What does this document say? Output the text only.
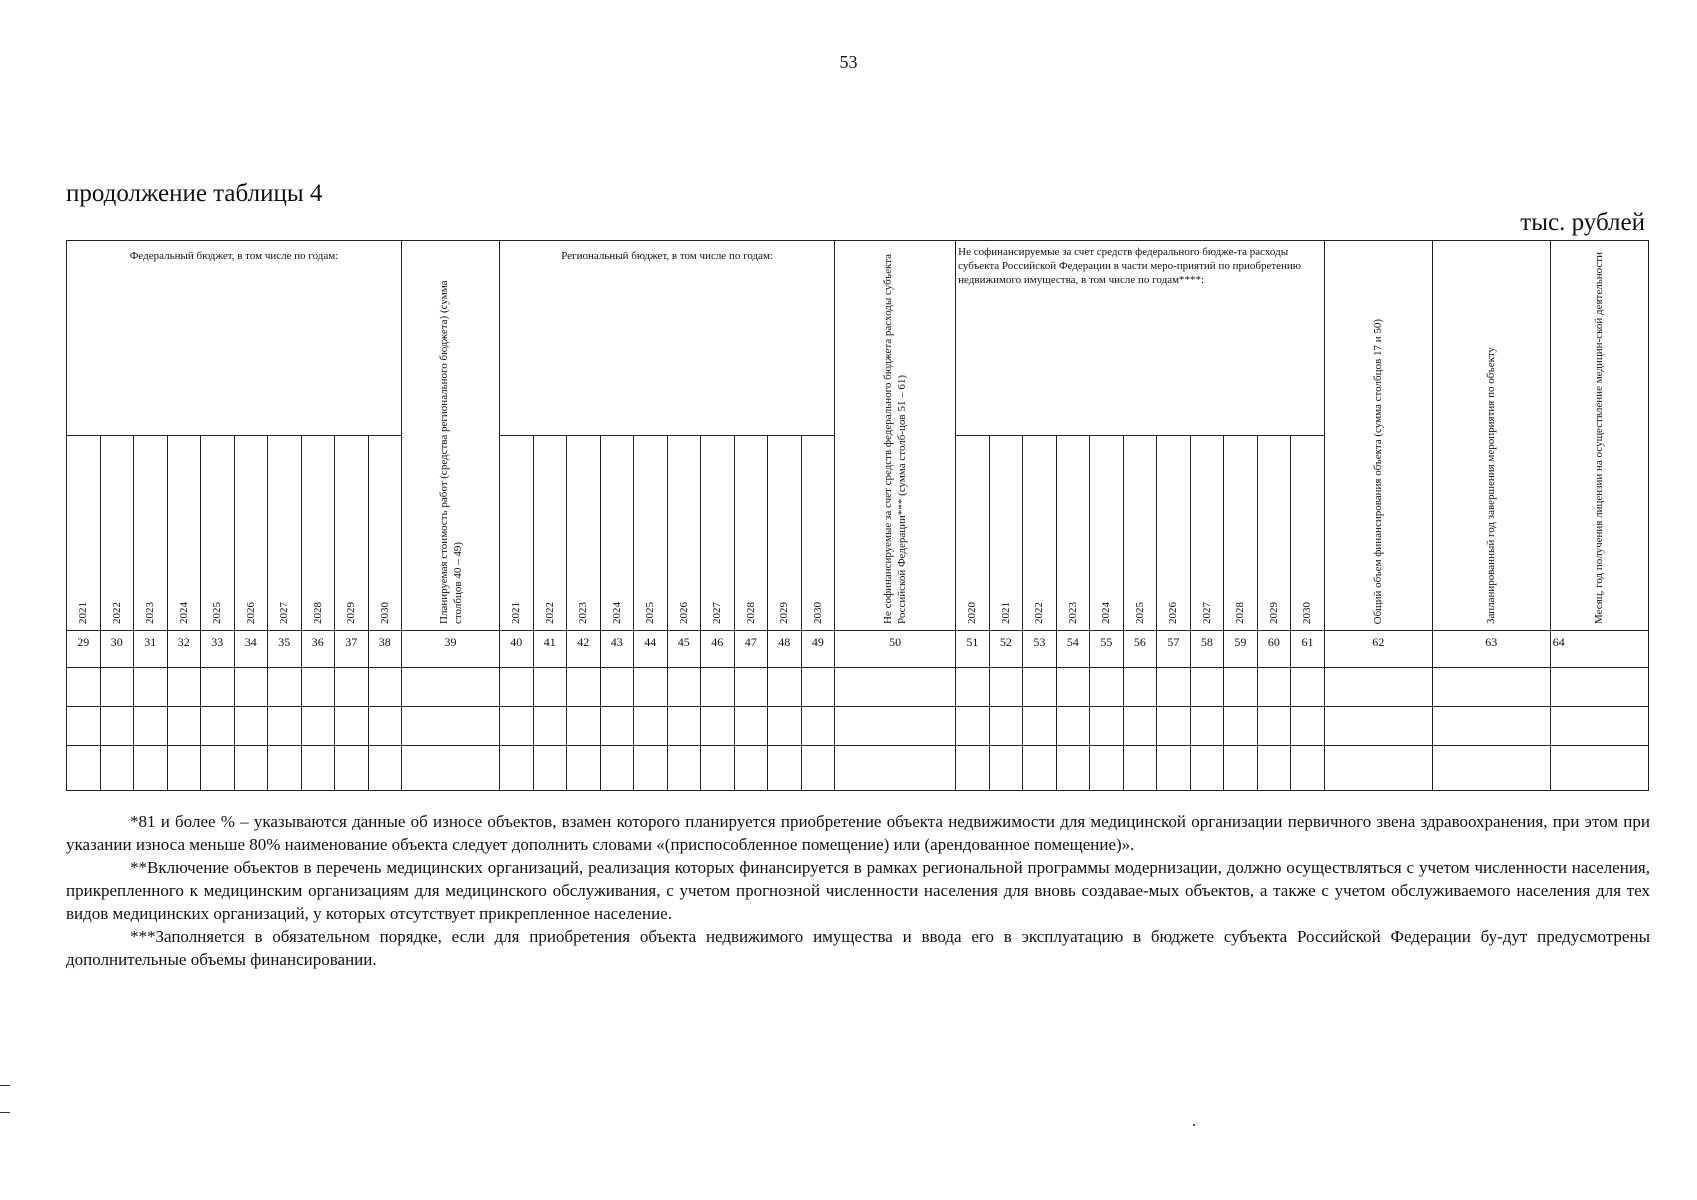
53
продолжение таблицы 4
тыс. рублей
Федеральный бюджет, в том числе по годам:										Планируемая стоимость работ (средства регионального бюджета) (сумма столбцов 40 – 49)	Региональный бюджет, в том числе по годам:										Не софинансируемые за счет средств федерального бюджета расходы субъекта Российской Федерации*** (сумма столб-цов 51 – 61)	Не софинансируемые за счет средств федерального бюдже-та расходы субъекта Российской Федерации в части меро-приятий по приобретению недвижимого имущества, в том числе по годам****:											Общий объем финансирования объекта (сумма столбцов 17 и 50)	Запланированный год завершения мероприятия по объекту	Месяц, год получения лицензии на осуществление медицин-ской деятельности

2021	2022	2023	2024	2025	2026	2027	2028	2029	2030		2021	2022	2023	2024	2025	2026	2027	2028	2029	2030		2020	2021	2022	2023	2024	2025	2026	2027	2028	2029	2030			

29	30	31	32	33	34	35	36	37	38	39	40	41	42	43	44	45	46	47	48	49	50	51	52	53	54	55	56	57	58	59	60	61	62	63	64

*81 и более % – указываются данные об износе объектов, взамен которого планируется приобретение объекта недвижимости для медицинской организации первичного звена здравоохранения, при этом при указании износа меньше 80% наименование объекта следует дополнить словами «(приспособленное помещение) или (арендованное помещение)».

**Включение объектов в перечень медицинских организаций, реализация которых финансируется в рамках региональной программы модернизации, должно осуществляться с учетом численности населения, прикрепленного к медицинским организациям для медицинского обслуживания, с учетом прогнозной численности населения для вновь создавае-мых объектов, а также с учетом обслуживаемого населения для тех видов медицинских организаций, у которых отсутствует прикрепленное население.

***Заполняется в обязательном порядке, если для приобретения объекта недвижимого имущества и ввода его в эксплуатацию в бюджете субъекта Российской Федерации бу-дут предусмотрены дополнительные объемы финансировании.
